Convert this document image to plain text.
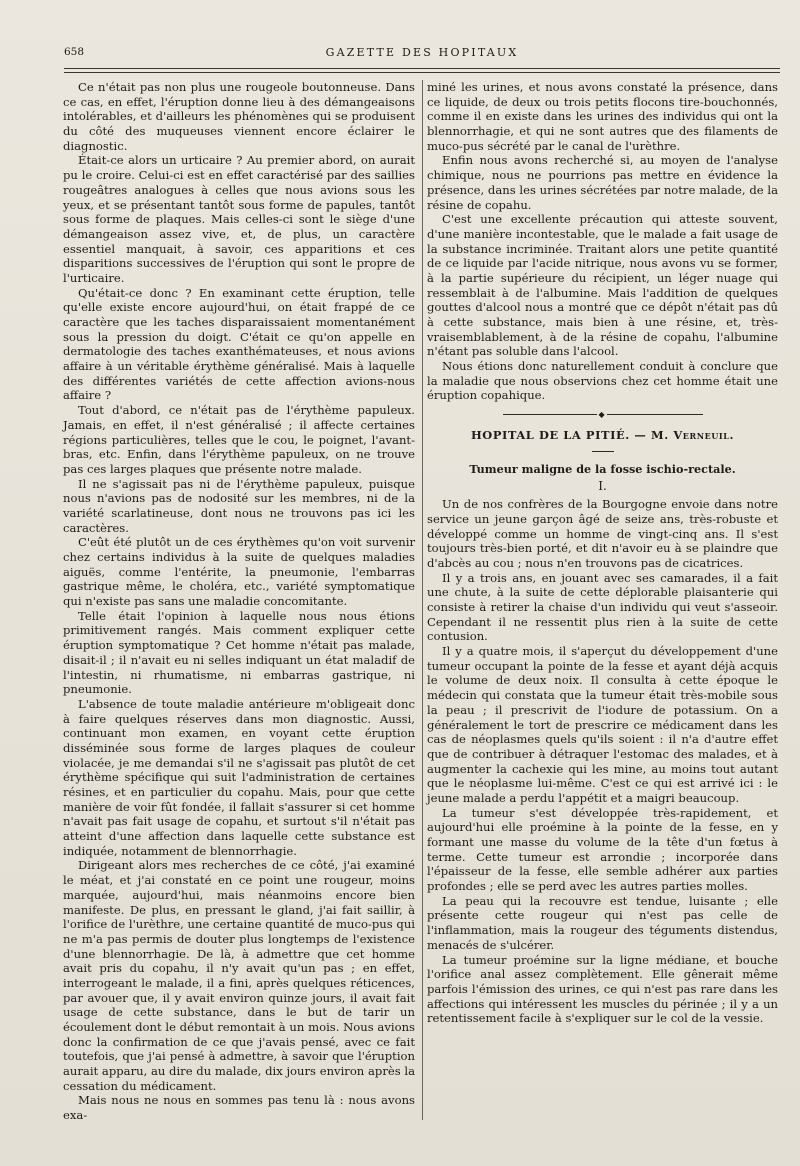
658	GAZETTE DES HOPITAUX

Ce n'était pas non plus une rougeole boutonneuse. Dans ce cas, en effet, l'éruption donne lieu à des démangeaisons intolérables, et d'ailleurs les phénomènes qui se produisent du côté des muqueuses viennent encore éclairer le diagnostic.

Était-ce alors un urticaire ? Au premier abord, on aurait pu le croire. Celui-ci est en effet caractérisé par des saillies rougeâtres analogues à celles que nous avions sous les yeux, et se présentant tantôt sous forme de papules, tantôt sous forme de plaques. Mais celles-ci sont le siège d'une démangeaison assez vive, et, de plus, un caractère essentiel manquait, à savoir, ces apparitions et ces disparitions successives de l'éruption qui sont le propre de l'urticaire.

Qu'était-ce donc ? En examinant cette éruption, telle qu'elle existe encore aujourd'hui, on était frappé de ce caractère que les taches disparaissaient momentanément sous la pression du doigt. C'était ce qu'on appelle en dermatologie des taches exanthémateuses, et nous avions affaire à un véritable érythème généralisé. Mais à laquelle des différentes variétés de cette affection avions-nous affaire ?

Tout d'abord, ce n'était pas de l'érythème papuleux. Jamais, en effet, il n'est généralisé ; il affecte certaines régions particulières, telles que le cou, le poignet, l'avant-bras, etc. Enfin, dans l'érythème papuleux, on ne trouve pas ces larges plaques que présente notre malade.

Il ne s'agissait pas ni de l'érythème papuleux, puisque nous n'avions pas de nodosité sur les membres, ni de la variété scarlatineuse, dont nous ne trouvons pas ici les caractères.

C'eût été plutôt un de ces érythèmes qu'on voit survenir chez certains individus à la suite de quelques maladies aiguës, comme l'entérite, la pneumonie, l'embarras gastrique même, le choléra, etc., variété symptomatique qui n'existe pas sans une maladie concomitante.

Telle était l'opinion à laquelle nous nous étions primitivement rangés. Mais comment expliquer cette éruption symptomatique ? Cet homme n'était pas malade, disait-il ; il n'avait eu ni selles indiquant un état maladif de l'intestin, ni rhumatisme, ni embarras gastrique, ni pneumonie.

L'absence de toute maladie antérieure m'obligeait donc à faire quelques réserves dans mon diagnostic. Aussi, continuant mon examen, en voyant cette éruption disséminée sous forme de larges plaques de couleur violacée, je me demandai s'il ne s'agissait pas plutôt de cet érythème spécifique qui suit l'administration de certaines résines, et en particulier du copahu. Mais, pour que cette manière de voir fût fondée, il fallait s'assurer si cet homme n'avait pas fait usage de copahu, et surtout s'il n'était pas atteint d'une affection dans laquelle cette substance est indiquée, notamment de blennorrhagie.

Dirigeant alors mes recherches de ce côté, j'ai examiné le méat, et j'ai constaté en ce point une rougeur, moins marquée, aujourd'hui, mais néanmoins encore bien manifeste. De plus, en pressant le gland, j'ai fait saillir, à l'orifice de l'urèthre, une certaine quantité de muco-pus qui ne m'a pas permis de douter plus longtemps de l'existence d'une blennorrhagie. De là, à admettre que cet homme avait pris du copahu, il n'y avait qu'un pas ; en effet, interrogeant le malade, il a fini, après quelques réticences, par avouer que, il y avait environ quinze jours, il avait fait usage de cette substance, dans le but de tarir un écoulement dont le début remontait à un mois. Nous avions donc la confirmation de ce que j'avais pensé, avec ce fait toutefois, que j'ai pensé à admettre, à savoir que l'éruption aurait apparu, au dire du malade, dix jours environ après la cessation du médicament.

Mais nous ne nous en sommes pas tenu là : nous avons exa-

miné les urines, et nous avons constaté la présence, dans ce liquide, de deux ou trois petits flocons tire-bouchonnés, comme il en existe dans les urines des individus qui ont la blennorrhagie, et qui ne sont autres que des filaments de muco-pus sécrété par le canal de l'urèthre.

Enfin nous avons recherché si, au moyen de l'analyse chimique, nous ne pourrions pas mettre en évidence la présence, dans les urines sécrétées par notre malade, de la résine de copahu.

C'est une excellente précaution qui atteste souvent, d'une manière incontestable, que le malade a fait usage de la substance incriminée. Traitant alors une petite quantité de ce liquide par l'acide nitrique, nous avons vu se former, à la partie supérieure du récipient, un léger nuage qui ressemblait à de l'albumine. Mais l'addition de quelques gouttes d'alcool nous a montré que ce dépôt n'était pas dû à cette substance, mais bien à une résine, et, très-vraisemblablement, à de la résine de copahu, l'albumine n'étant pas soluble dans l'alcool.

Nous étions donc naturellement conduit à conclure que la maladie que nous observions chez cet homme était une éruption copahique.

◆
HOPITAL DE LA PITIÉ. — M. Verneuil.
Tumeur maligne de la fosse ischio-rectale.
I.

Un de nos confrères de la Bourgogne envoie dans notre service un jeune garçon âgé de seize ans, très-robuste et développé comme un homme de vingt-cinq ans. Il s'est toujours très-bien porté, et dit n'avoir eu à se plaindre que d'abcès au cou ; nous n'en trouvons pas de cicatrices.

Il y a trois ans, en jouant avec ses camarades, il a fait une chute, à la suite de cette déplorable plaisanterie qui consiste à retirer la chaise d'un individu qui veut s'asseoir. Cependant il ne ressentit plus rien à la suite de cette contusion.

Il y a quatre mois, il s'aperçut du développement d'une tumeur occupant la pointe de la fesse et ayant déjà acquis le volume de deux noix. Il consulta à cette époque le médecin qui constata que la tumeur était très-mobile sous la peau ; il prescrivit de l'iodure de potassium. On a généralement le tort de prescrire ce médicament dans les cas de néoplasmes quels qu'ils soient : il n'a d'autre effet que de contribuer à détraquer l'estomac des malades, et à augmenter la cachexie qui les mine, au moins tout autant que le néoplasme lui-même. C'est ce qui est arrivé ici : le jeune malade a perdu l'appétit et a maigri beaucoup.

La tumeur s'est développée très-rapidement, et aujourd'hui elle proémine à la pointe de la fesse, en y formant une masse du volume de la tête d'un fœtus à terme. Cette tumeur est arrondie ; incorporée dans l'épaisseur de la fesse, elle semble adhérer aux parties profondes ; elle se perd avec les autres parties molles.

La peau qui la recouvre est tendue, luisante ; elle présente cette rougeur qui n'est pas celle de l'inflammation, mais la rougeur des téguments distendus, menacés de s'ulcérer.

La tumeur proémine sur la ligne médiane, et bouche l'orifice anal assez complètement. Elle gênerait même parfois l'émission des urines, ce qui n'est pas rare dans les affections qui intéressent les muscles du périnée ; il y a un retentissement facile à s'expliquer sur le col de la vessie.
